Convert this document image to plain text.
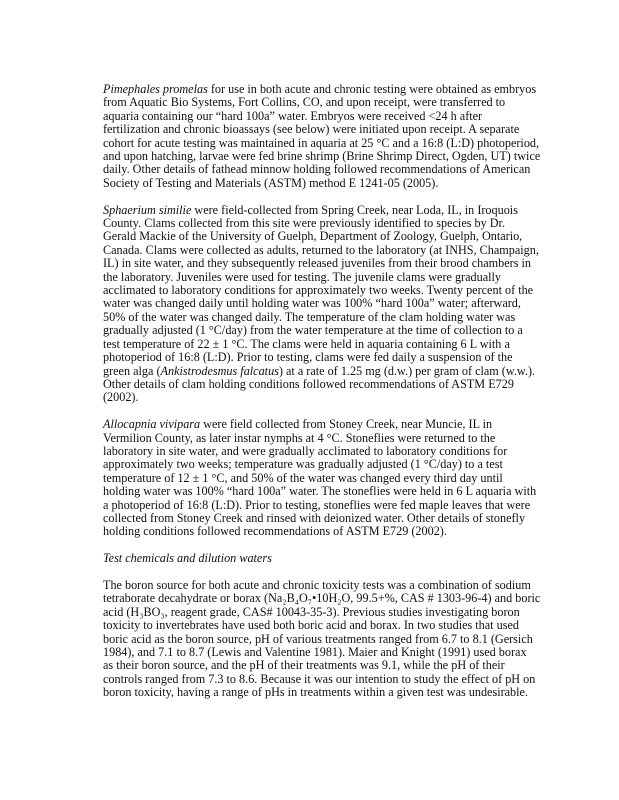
Pimephales promelas for use in both acute and chronic testing were obtained as embryos
from Aquatic Bio Systems, Fort Collins, CO, and upon receipt, were transferred to
aquaria containing our “hard 100a” water. Embryos were received <24 h after
fertilization and chronic bioassays (see below) were initiated upon receipt. A separate
cohort for acute testing was maintained in aquaria at 25 °C and a 16:8 (L:D) photoperiod,
and upon hatching, larvae were fed brine shrimp (Brine Shrimp Direct, Ogden, UT) twice
daily. Other details of fathead minnow holding followed recommendations of American
Society of Testing and Materials (ASTM) method E 1241-05 (2005).
Sphaerium similie were field-collected from Spring Creek, near Loda, IL, in Iroquois
County. Clams collected from this site were previously identified to species by Dr.
Gerald Mackie of the University of Guelph, Department of Zoology, Guelph, Ontario,
Canada. Clams were collected as adults, returned to the laboratory (at INHS, Champaign,
IL) in site water, and they subsequently released juveniles from their brood chambers in
the laboratory. Juveniles were used for testing. The juvenile clams were gradually
acclimated to laboratory conditions for approximately two weeks. Twenty percent of the
water was changed daily until holding water was 100% “hard 100a” water; afterward,
50% of the water was changed daily. The temperature of the clam holding water was
gradually adjusted (1 °C/day) from the water temperature at the time of collection to a
test temperature of 22 ± 1 °C. The clams were held in aquaria containing 6 L with a
photoperiod of 16:8 (L:D). Prior to testing, clams were fed daily a suspension of the
green alga (Ankistrodesmus falcatus) at a rate of 1.25 mg (d.w.) per gram of clam (w.w.).
Other details of clam holding conditions followed recommendations of ASTM E729
(2002).
Allocapnia vivipara were field collected from Stoney Creek, near Muncie, IL in
Vermilion County, as later instar nymphs at 4 °C. Stoneflies were returned to the
laboratory in site water, and were gradually acclimated to laboratory conditions for
approximately two weeks; temperature was gradually adjusted (1 °C/day) to a test
temperature of 12 ± 1 °C, and 50% of the water was changed every third day until
holding water was 100% “hard 100a” water. The stoneflies were held in 6 L aquaria with
a photoperiod of 16:8 (L:D). Prior to testing, stoneflies were fed maple leaves that were
collected from Stoney Creek and rinsed with deionized water. Other details of stonefly
holding conditions followed recommendations of ASTM E729 (2002).
Test chemicals and dilution waters
The boron source for both acute and chronic toxicity tests was a combination of sodium
tetraborate decahydrate or borax (Na₂B₄O₇•10H₂O, 99.5+%, CAS # 1303-96-4) and boric
acid (H₃BO₃, reagent grade, CAS# 10043-35-3). Previous studies investigating boron
toxicity to invertebrates have used both boric acid and borax. In two studies that used
boric acid as the boron source, pH of various treatments ranged from 6.7 to 8.1 (Gersich
1984), and 7.1 to 8.7 (Lewis and Valentine 1981). Maier and Knight (1991) used borax
as their boron source, and the pH of their treatments was 9.1, while the pH of their
controls ranged from 7.3 to 8.6. Because it was our intention to study the effect of pH on
boron toxicity, having a range of pHs in treatments within a given test was undesirable.
